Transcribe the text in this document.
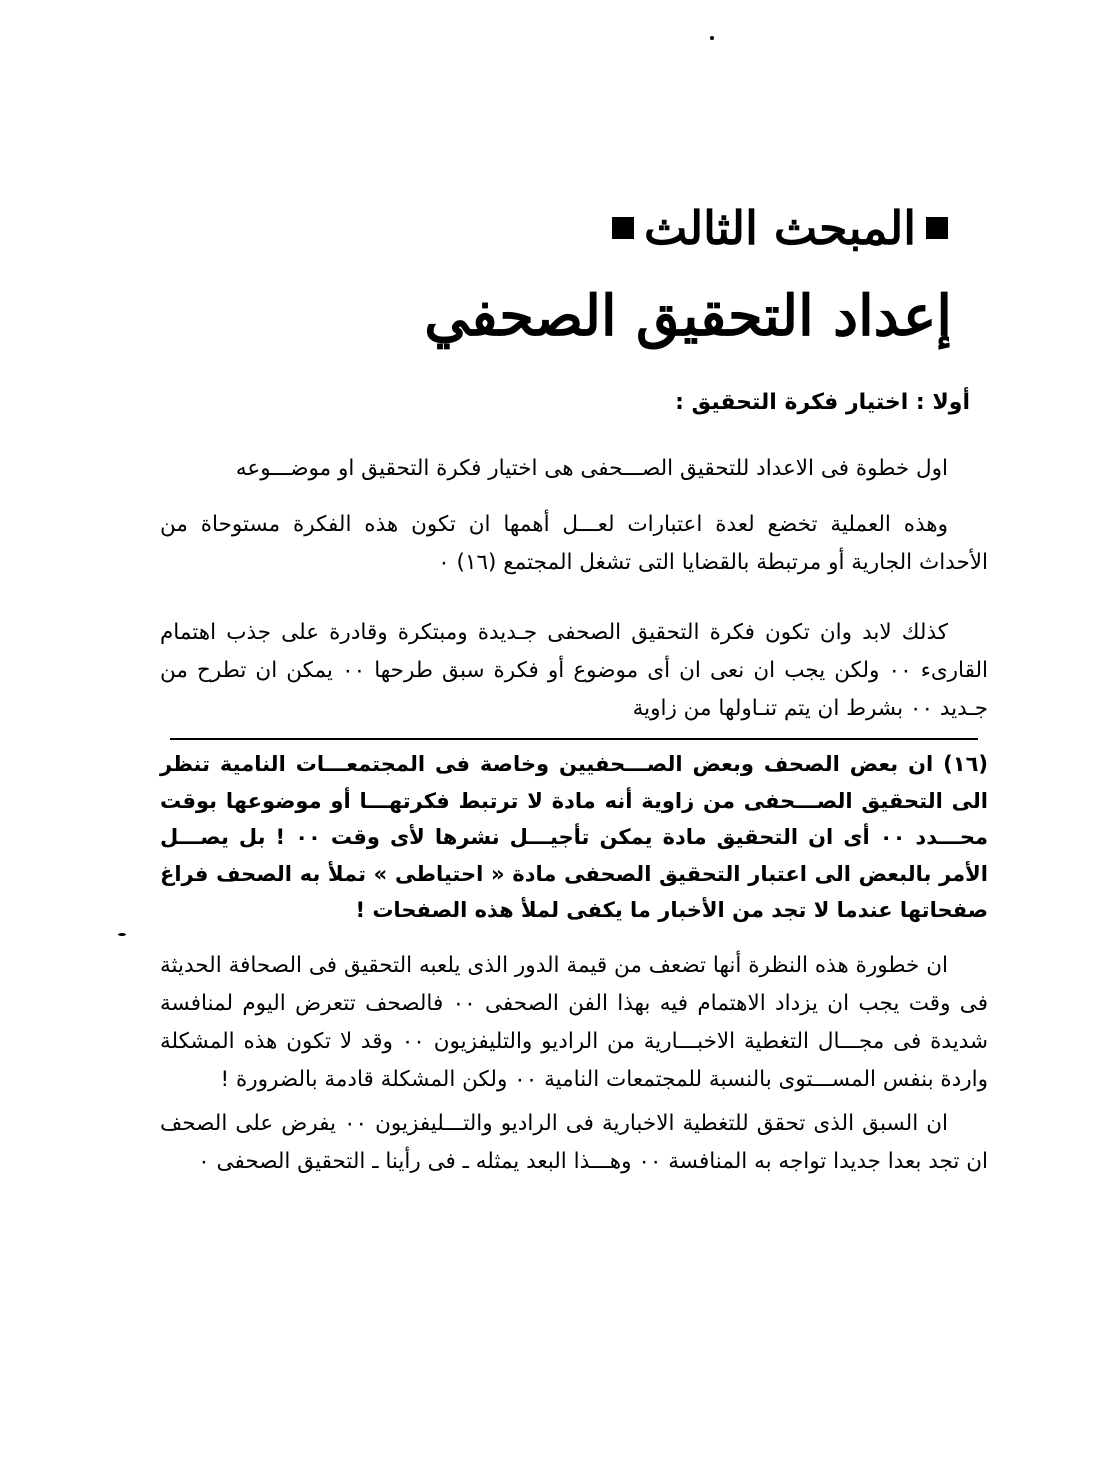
المبحث الثالث
إعداد التحقيق الصحفي
أولا : اختيار فكرة التحقيق :

اول خطوة فى الاعداد للتحقيق الصـــحفى هى اختيار فكرة التحقيق او موضـــوعه

وهذه العملية تخضع لعدة اعتبارات لعـــل أهمها ان تكون هذه الفكرة مستوحاة من الأحداث الجارية أو مرتبطة بالقضايا التى تشغل المجتمع (١٦) ٠

كذلك لابد وان تكون فكرة التحقيق الصحفى جـديدة ومبتكرة وقادرة على جذب اهتمام القارىء ٠٠ ولكن يجب ان نعى ان أى موضوع أو فكرة سبق طرحها ٠٠ يمكن ان تطرح من جـديد ٠٠ بشرط ان يتم تنـاولها من زاوية

(١٦) ان بعض الصحف وبعض الصـــحفيين وخاصة فى المجتمعـــات النامية تنظر الى التحقيق الصـــحفى من زاوية أنه مادة لا ترتبط فكرتهـــا أو موضوعها بوقت محـــدد ٠٠ أى ان التحقيق مادة يمكن تأجيـــل نشرها لأى وقت ٠٠ ! بل يصـــل الأمر بالبعض الى اعتبار التحقيق الصحفى مادة « احتياطى » تملأ به الصحف فراغ صفحاتها عندما لا تجد من الأخبار ما يكفى لملأ هذه الصفحات !

ان خطورة هذه النظرة أنها تضعف من قيمة الدور الذى يلعبه التحقيق فى الصحافة الحديثة فى وقت يجب ان يزداد الاهتمام فيه بهذا الفن الصحفى ٠٠ فالصحف تتعرض اليوم لمنافسة شديدة فى مجـــال التغطية الاخبـــارية من الراديو والتليفزيون ٠٠ وقد لا تكون هذه المشكلة واردة بنفس المســـتوى بالنسبة للمجتمعات النامية ٠٠ ولكن المشكلة قادمة بالضرورة !

ان السبق الذى تحقق للتغطية الاخبارية فى الراديو والتـــليفزيون ٠٠ يفرض على الصحف ان تجد بعدا جديدا تواجه به المنافسة ٠٠ وهـــذا البعد يمثله ـ فى رأينا ـ التحقيق الصحفى ٠
